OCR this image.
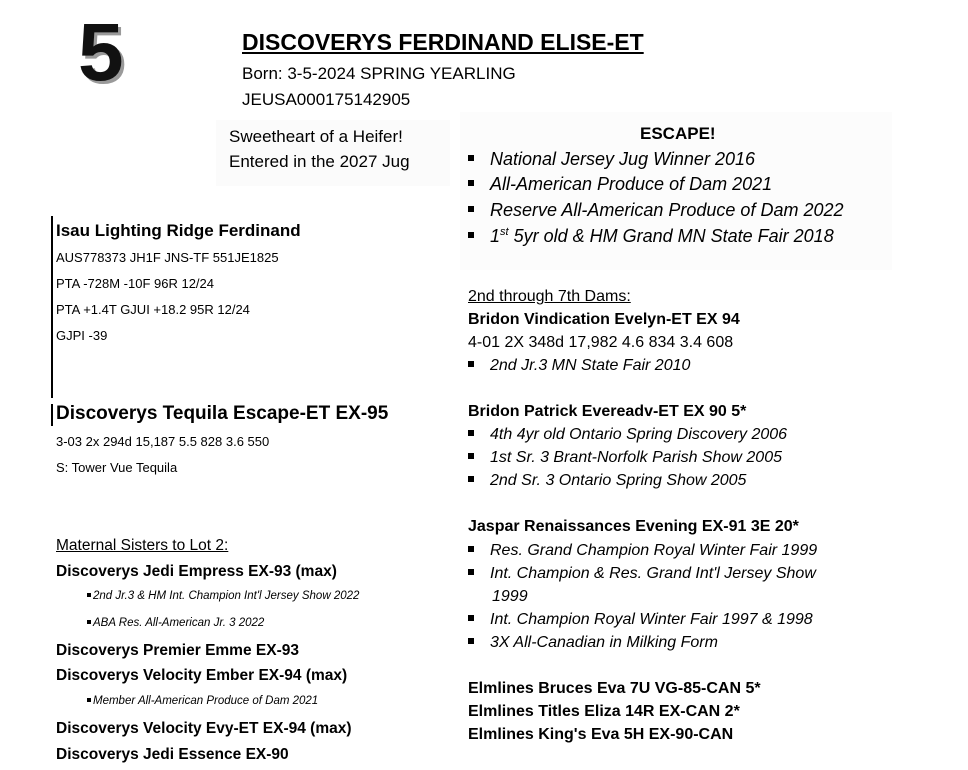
5	DISCOVERYS FERDINAND ELISE-ET
Born: 3-5-2024 SPRING YEARLING
JEUSA000175142905
Sweetheart of a Heifer!
Entered in the 2027 Jug
ESCAPE!
National Jersey Jug Winner 2016
All-American Produce of Dam 2021
Reserve All-American Produce of Dam 2022
1st 5yr old & HM Grand MN State Fair 2018
Isau Lighting Ridge Ferdinand
AUS778373 JH1F JNS-TF 551JE1825
PTA -728M -10F 96R 12/24
PTA +1.4T GJUI +18.2 95R 12/24
GJPI -39
Discoverys Tequila Escape-ET EX-95
3-03 2x 294d 15,187 5.5 828 3.6 550
S: Tower Vue Tequila
Maternal Sisters to Lot 2:
Discoverys Jedi Empress EX-93 (max)
2nd Jr.3 & HM Int. Champion Int'l Jersey Show 2022
ABA Res. All-American Jr. 3 2022
Discoverys Premier Emme EX-93
Discoverys Velocity Ember EX-94 (max)
Member All-American Produce of Dam 2021
Discoverys Velocity Evy-ET EX-94 (max)
Discoverys Jedi Essence EX-90
2nd through 7th Dams:
Bridon Vindication Evelyn-ET EX 94
4-01 2X 348d 17,982 4.6 834 3.4 608
2nd Jr.3 MN State Fair 2010
Bridon Patrick Evereadv-ET EX 90 5*
4th 4yr old Ontario Spring Discovery 2006
1st Sr. 3 Brant-Norfolk Parish Show 2005
2nd Sr. 3 Ontario Spring Show 2005
Jaspar Renaissances Evening EX-91 3E 20*
Res. Grand Champion Royal Winter Fair 1999
Int. Champion & Res. Grand Int'l Jersey Show
1999
Int. Champion Royal Winter Fair 1997 & 1998
3X All-Canadian in Milking Form
Elmlines Bruces Eva 7U VG-85-CAN 5*
Elmlines Titles Eliza 14R EX-CAN 2*
Elmlines King's Eva 5H EX-90-CAN
